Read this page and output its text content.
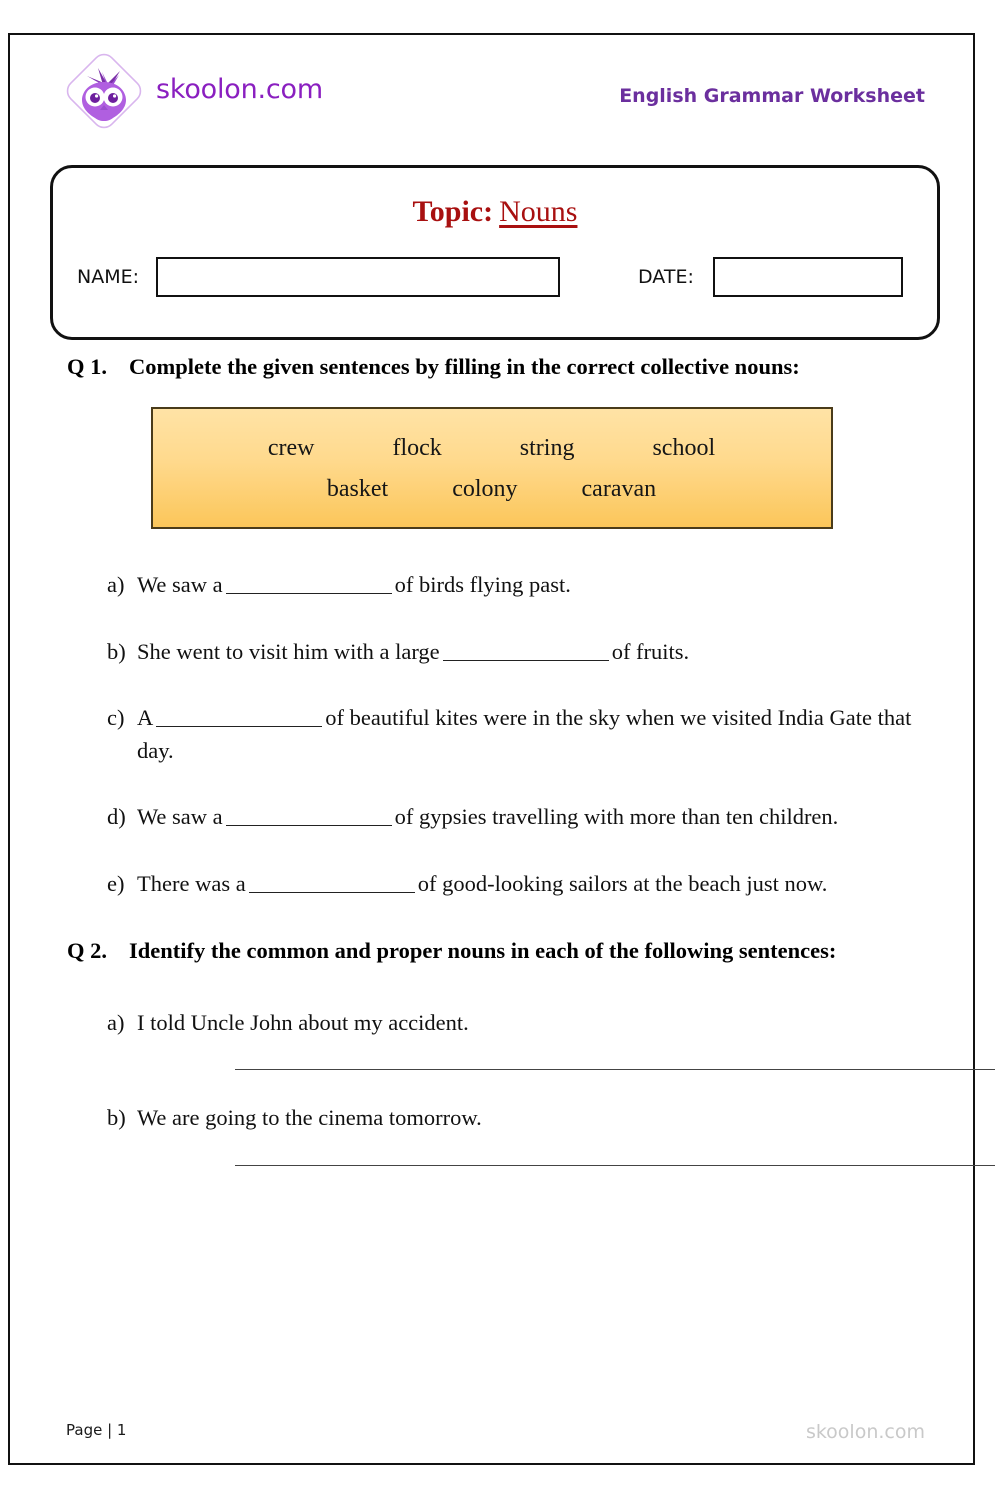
skoolon.com	English Grammar Worksheet
Topic: Nouns
NAME:	DATE:
Q 1. Complete the given sentences by filling in the correct collective nouns:
crew	flock	string	school
basket	colony	caravan
a) We saw a	of birds flying past.
b) She went to visit him with a large	of fruits.
c) A	of beautiful kites were in the sky when we visited India Gate that day.
d) We saw a	of gypsies travelling with more than ten children.
e) There was a	of good-looking sailors at the beach just now.
Q 2. Identify the common and proper nouns in each of the following sentences:
a) I told Uncle John about my accident.
b) We are going to the cinema tomorrow.
Page | 1	skoolon.com
